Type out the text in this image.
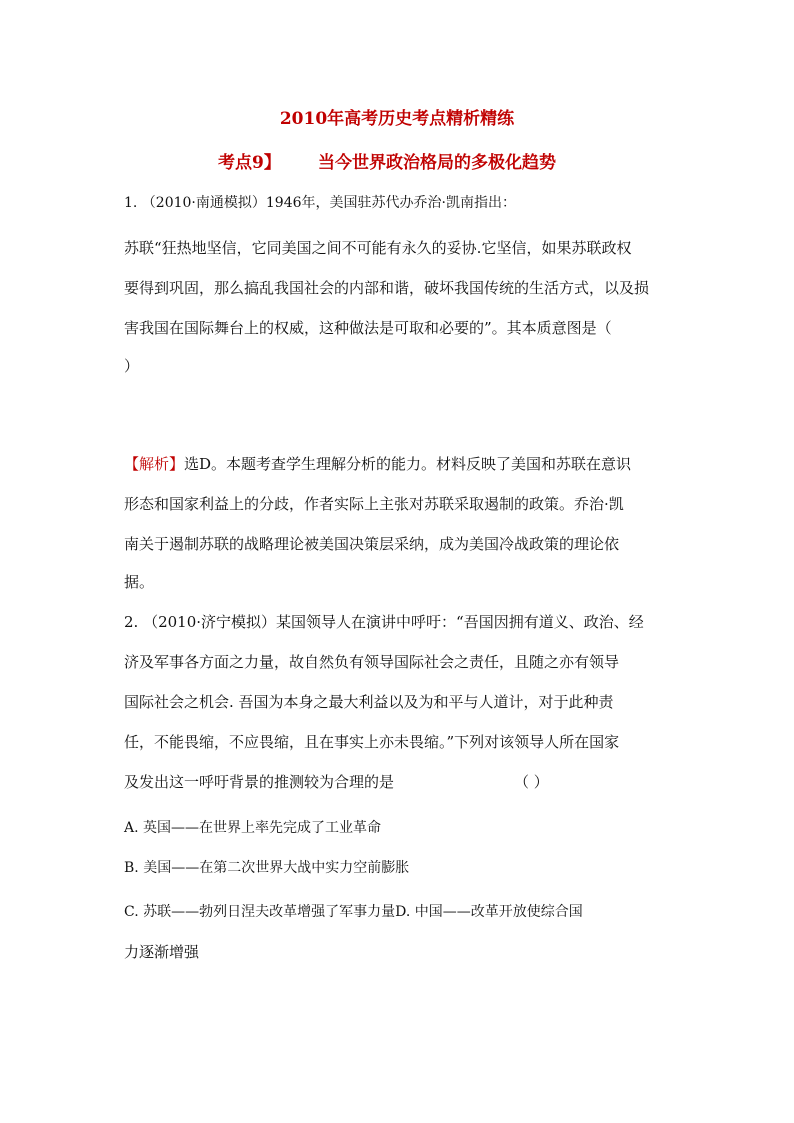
2010年高考历史考点精析精练
考点9】 当今世界政治格局的多极化趋势
1. （2010·南通模拟）1946年，美国驻苏代办乔治·凯南指出：
苏联“狂热地坚信，它同美国之间不可能有永久的妥协.它坚信，如果苏联政权
要得到巩固，那么搞乱我国社会的内部和谐，破坏我国传统的生活方式，以及损
害我国在国际舞台上的权威，这种做法是可取和必要的”。其本质意图是（
）
【解析】选D。本题考查学生理解分析的能力。材料反映了美国和苏联在意识
形态和国家利益上的分歧，作者实际上主张对苏联采取遏制的政策。乔治·凯
南关于遏制苏联的战略理论被美国决策层采纳，成为美国冷战政策的理论依
据。
2. （2010·济宁模拟）某国领导人在演讲中呼吁：“吾国因拥有道义、政治、经
济及军事各方面之力量，故自然负有领导国际社会之责任，且随之亦有领导
国际社会之机会. 吾国为本身之最大利益以及为和平与人道计，对于此种责
任，不能畏缩，不应畏缩，且在事实上亦未畏缩。”下列对该领导人所在国家
及发出这一呼吁背景的推测较为合理的是	（ ）
A. 英国——在世界上率先完成了工业革命
B. 美国——在第二次世界大战中实力空前膨胀
C. 苏联——勃列日涅夫改革增强了军事力量D. 中国——改革开放使综合国
力逐渐增强
